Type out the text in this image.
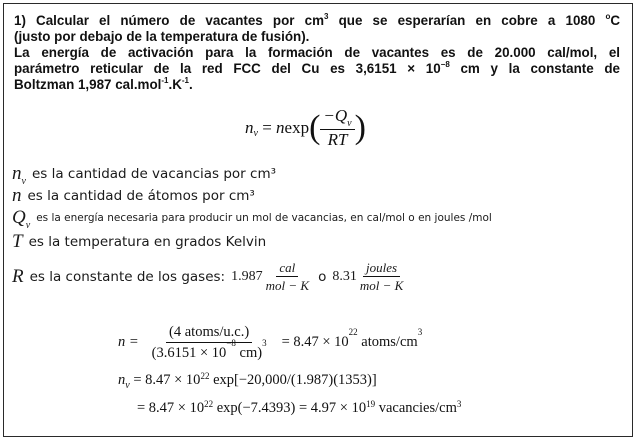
1) Calcular el número de vacantes por $cm^3$ que se esperarían en cobre a 1080 $^o$C
(justo por debajo de la temperatura de fusión).
La energía de activación para la formación de vacantes es de 20.000 cal/mol, el
parámetro reticular de la red FCC del Cu es $3,6151 \times 10^{-8}$ cm y la constante de
Boltzman 1,987 $cal.mol^{-1}.K^{-1}$.
n v = n exp ( $\frac{-Q_v}{RT}$ )
$n_v$ es la cantidad de vacancias por cm³
n es la cantidad de átomos por cm³
$Q_v$
es la energía necesaria para producir un mol de vacancias, en cal/mol o en joules /mol
T es la temperatura en grados Kelvin
R es la constante de los gases: $1.987 \frac{\text{cal}}{\text{mol − K}}$ o $8.31 \frac{\text{joules}}{\text{mol − K}}$
$n = \frac{\text{(4 atoms/u.c.)}}{(3.6151 \times 10^{-8} cm)^3} = 8.47 \times 10^{22}$ atoms/$cm^3$
n $v = 8.47 \times 10^{22}$ exp[−20,000/(1.987)(1353)]
= $8.47 \times 10^{22}$ $\exp(-7.4393) = 4.97 \times 10^{19}$ vacancies/$cm^3$
